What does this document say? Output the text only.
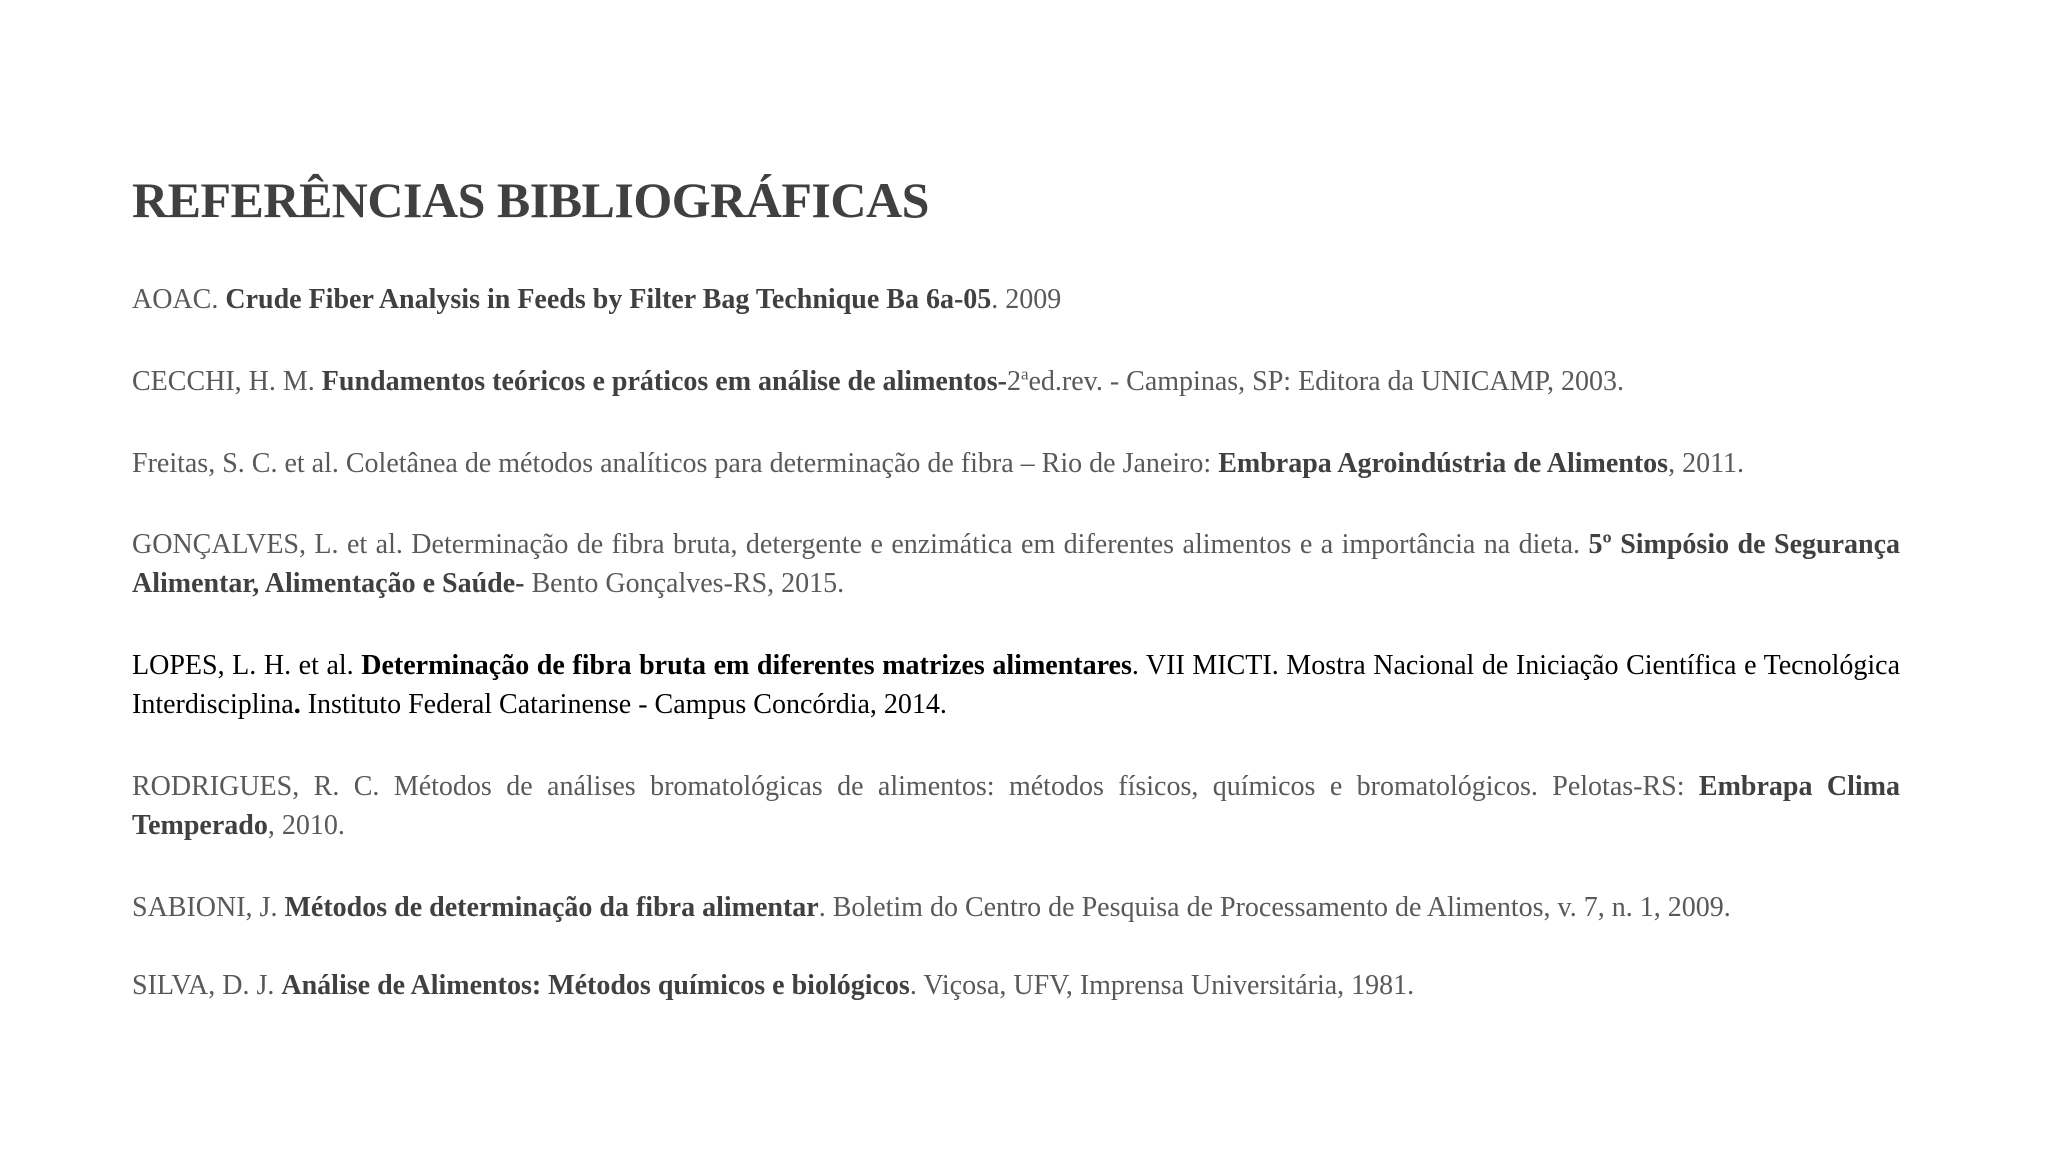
REFERÊNCIAS BIBLIOGRÁFICAS

AOAC. Crude Fiber Analysis in Feeds by Filter Bag Technique Ba 6a-05. 2009

CECCHI, H. M. Fundamentos teóricos e práticos em análise de alimentos-2$^a$ed.rev. - Campinas, SP: Editora da UNICAMP, 2003.

Freitas, S. C. et al. Coletânea de métodos analíticos para determinação de fibra – Rio de Janeiro: Embrapa Agroindústria de Alimentos, 2011.

GONÇALVES, L. et al. Determinação de fibra bruta, detergente e enzimática em diferentes alimentos e a importância na dieta. 5º Simpósio de Segurança Alimentar, Alimentação e Saúde- Bento Gonçalves-RS, 2015.

LOPES, L. H. et al. Determinação de fibra bruta em diferentes matrizes alimentares. VII MICTI. Mostra Nacional de Iniciação Científica e Tecnológica Interdisciplina. Instituto Federal Catarinense - Campus Concórdia, 2014.

RODRIGUES, R. C. Métodos de análises bromatológicas de alimentos: métodos físicos, químicos e bromatológicos. Pelotas-RS: Embrapa Clima Temperado, 2010.

SABIONI, J. Métodos de determinação da fibra alimentar. Boletim do Centro de Pesquisa de Processamento de Alimentos, v. 7, n. 1, 2009.

SILVA, D. J. Análise de Alimentos: Métodos químicos e biológicos. Viçosa, UFV, Imprensa Universitária, 1981.
